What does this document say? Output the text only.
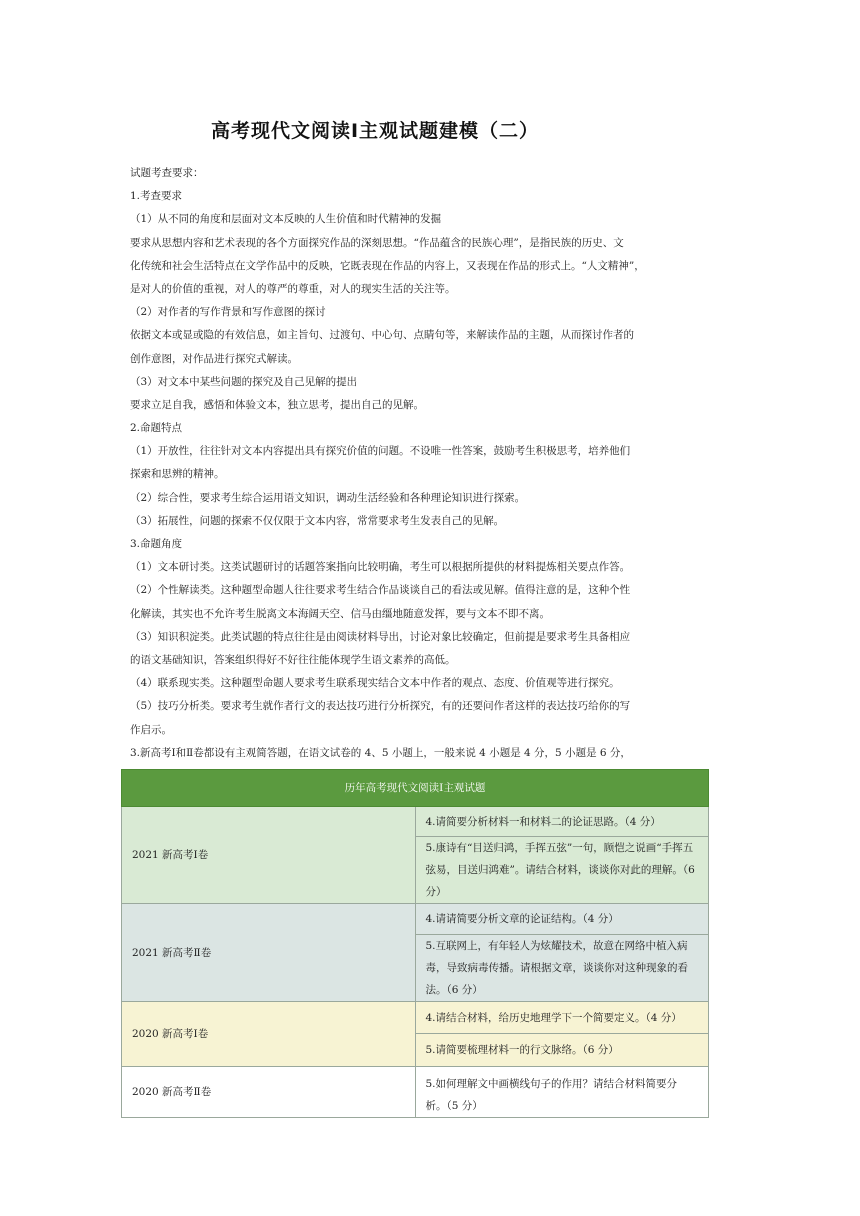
高考现代文阅读Ⅰ主观试题建模（二）
试题考查要求：
1.考查要求
（1）从不同的角度和层面对文本反映的人生价值和时代精神的发掘
要求从思想内容和艺术表现的各个方面探究作品的深刻思想。“作品蕴含的民族心理”，是指民族的历史、文
化传统和社会生活特点在文学作品中的反映，它既表现在作品的内容上，又表现在作品的形式上。“人文精神”，
是对人的价值的重视，对人的尊严的尊重，对人的现实生活的关注等。
（2）对作者的写作背景和写作意图的探讨
依据文本或显或隐的有效信息，如主旨句、过渡句、中心句、点睛句等，来解读作品的主题，从而探讨作者的
创作意图，对作品进行探究式解读。
（3）对文本中某些问题的探究及自己见解的提出
要求立足自我，感悟和体验文本，独立思考，提出自己的见解。
2.命题特点
（1）开放性，往往针对文本内容提出具有探究价值的问题。不设唯一性答案，鼓励考生积极思考，培养他们
探索和思辨的精神。
（2）综合性，要求考生综合运用语文知识，调动生活经验和各种理论知识进行探索。
（3）拓展性，问题的探索不仅仅限于文本内容，常常要求考生发表自己的见解。
3.命题角度
（1）文本研讨类。这类试题研讨的话题答案指向比较明确，考生可以根据所提供的材料提炼相关要点作答。
（2）个性解读类。这种题型命题人往往要求考生结合作品谈谈自己的看法或见解。值得注意的是，这种个性
化解读，其实也不允许考生脱离文本海阔天空、信马由缰地随意发挥，要与文本不即不离。
（3）知识积淀类。此类试题的特点往往是由阅读材料导出，讨论对象比较确定，但前提是要求考生具备相应
的语文基础知识，答案组织得好不好往往能体现学生语文素养的高低。
（4）联系现实类。这种题型命题人要求考生联系现实结合文本中作者的观点、态度、价值观等进行探究。
（5）技巧分析类。要求考生就作者行文的表达技巧进行分析探究，有的还要问作者这样的表达技巧给你的写
作启示。
3.新高考Ⅰ和Ⅱ卷都设有主观简答题，在语文试卷的 4、5 小题上，一般来说 4 小题是 4 分，5 小题是 6 分，
历年高考现代文阅读Ⅰ主观试题	
2021 新高考Ⅰ卷	4.请简要分析材料一和材料二的论证思路。（4 分）
	5.康诗有“目送归鸿，手挥五弦”一句，顾恺之说画“手挥五弦易，目送归鸿难”。请结合材料，谈谈你对此的理解。（6 分）
2021 新高考Ⅱ卷	4.请请简要分析文章的论证结构。（4 分）
	5.互联网上，有年轻人为炫耀技术，故意在网络中植入病毒，导致病毒传播。请根据文章，谈谈你对这种现象的看法。（6 分）
2020 新高考Ⅰ卷	4.请结合材料，给历史地理学下一个简要定义。（4 分）
	5.请简要梳理材料一的行文脉络。（6 分）
2020 新高考Ⅱ卷	5.如何理解文中画横线句子的作用？请结合材料简要分析。（5 分）
